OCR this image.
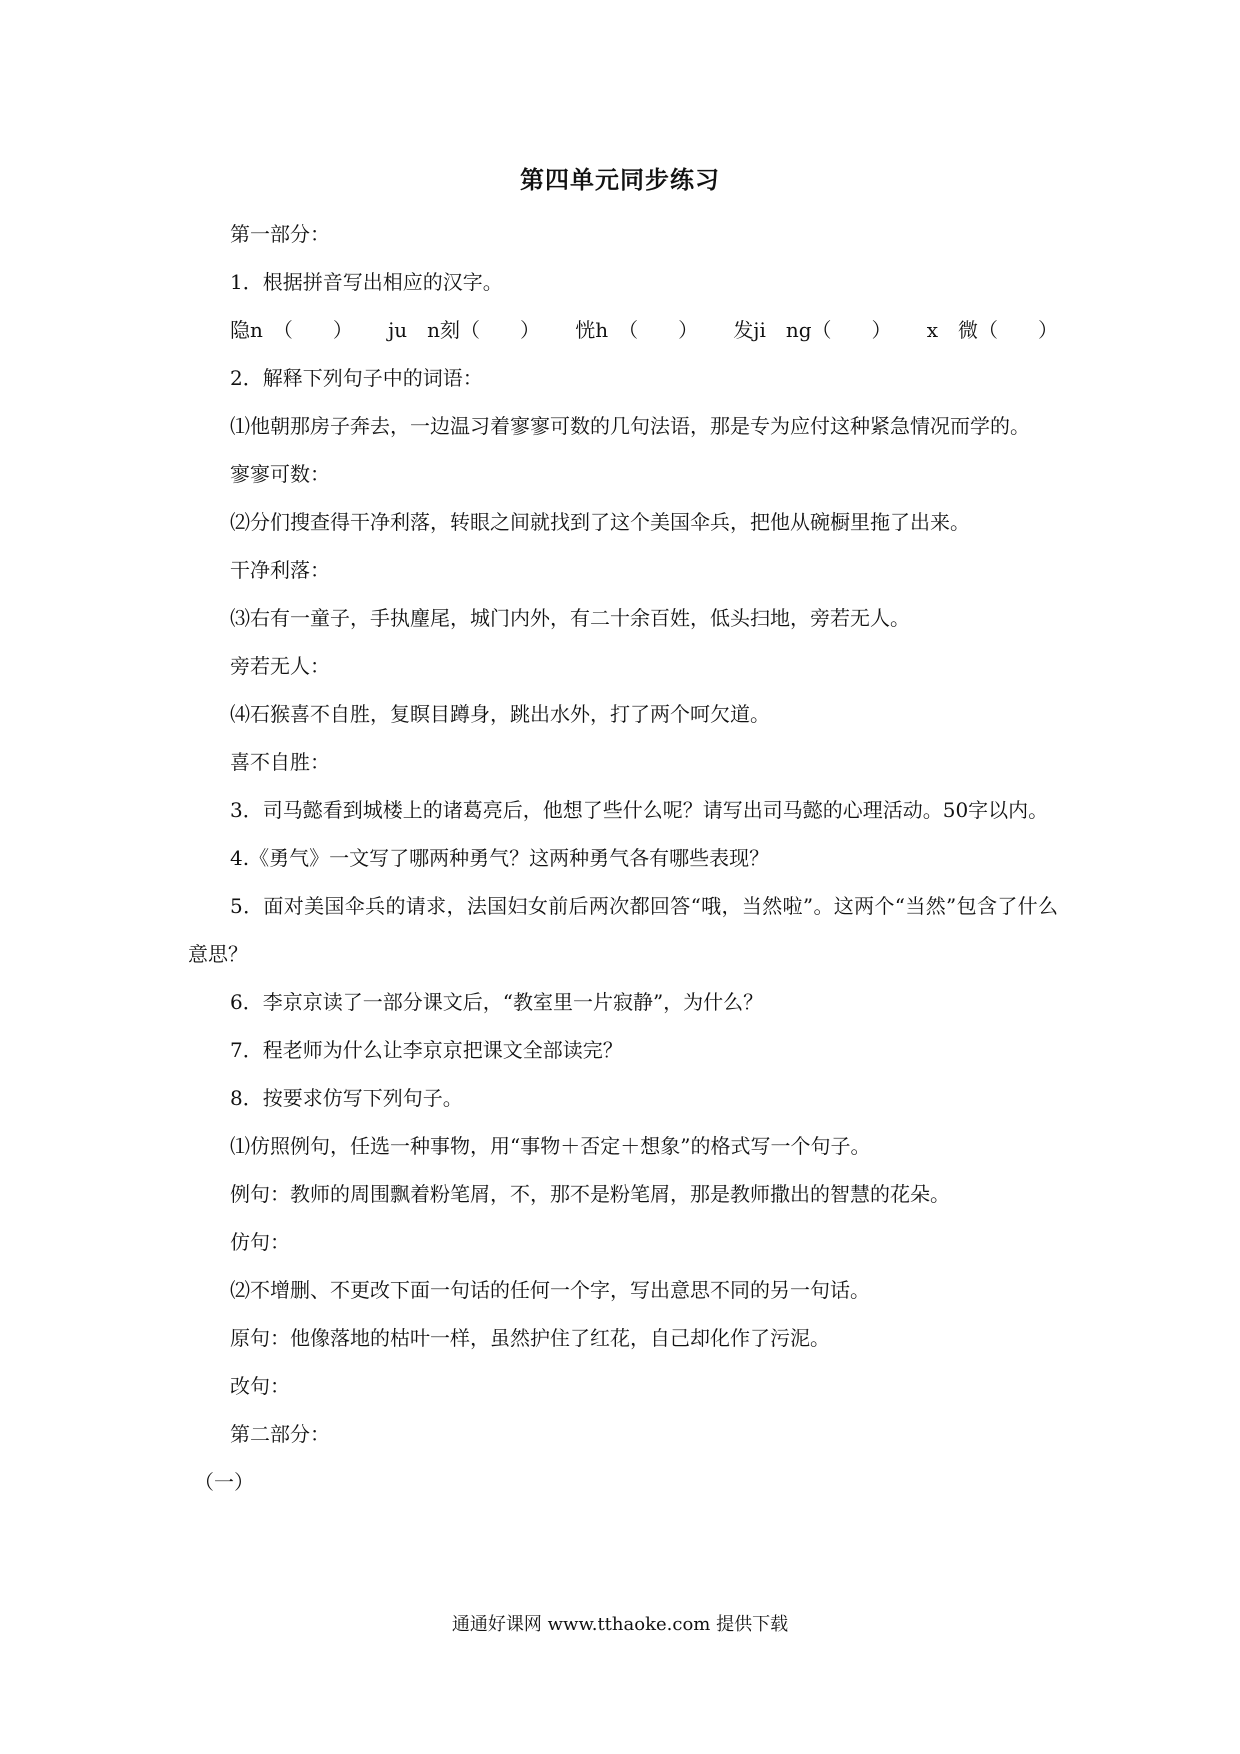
第四单元同步练习
第一部分：
1．根据拼音写出相应的汉字。
隐n　（　　） ju　n刻（　　） 恍h　（　　） 发ji　ng（　　） x　微（　　）
2．解释下列句子中的词语：
⑴他朝那房子奔去，一边温习着寥寥可数的几句法语，那是专为应付这种紧急情况而学的。
寥寥可数：
⑵分们搜查得干净利落，转眼之间就找到了这个美国伞兵，把他从碗橱里拖了出来。
干净利落：
⑶右有一童子，手执麈尾，城门内外，有二十余百姓，低头扫地，旁若无人。
旁若无人：
⑷石猴喜不自胜，复瞑目蹲身，跳出水外，打了两个呵欠道。
喜不自胜：
3．司马懿看到城楼上的诸葛亮后，他想了些什么呢？请写出司马懿的心理活动。50字以内。
4.《勇气》一文写了哪两种勇气？这两种勇气各有哪些表现？
5．面对美国伞兵的请求，法国妇女前后两次都回答“哦，当然啦”。这两个“当然”包含了什么意思？
6．李京京读了一部分课文后，“教室里一片寂静”，为什么？
7．程老师为什么让李京京把课文全部读完？
8．按要求仿写下列句子。
⑴仿照例句，任选一种事物，用“事物＋否定＋想象”的格式写一个句子。
例句：教师的周围飘着粉笔屑，不，那不是粉笔屑，那是教师撒出的智慧的花朵。
仿句：
⑵不增删、不更改下面一句话的任何一个字，写出意思不同的另一句话。
原句：他像落地的枯叶一样，虽然护住了红花，自己却化作了污泥。
改句：
第二部分：
（一）
通通好课网 www.tthaoke.com 提供下载
